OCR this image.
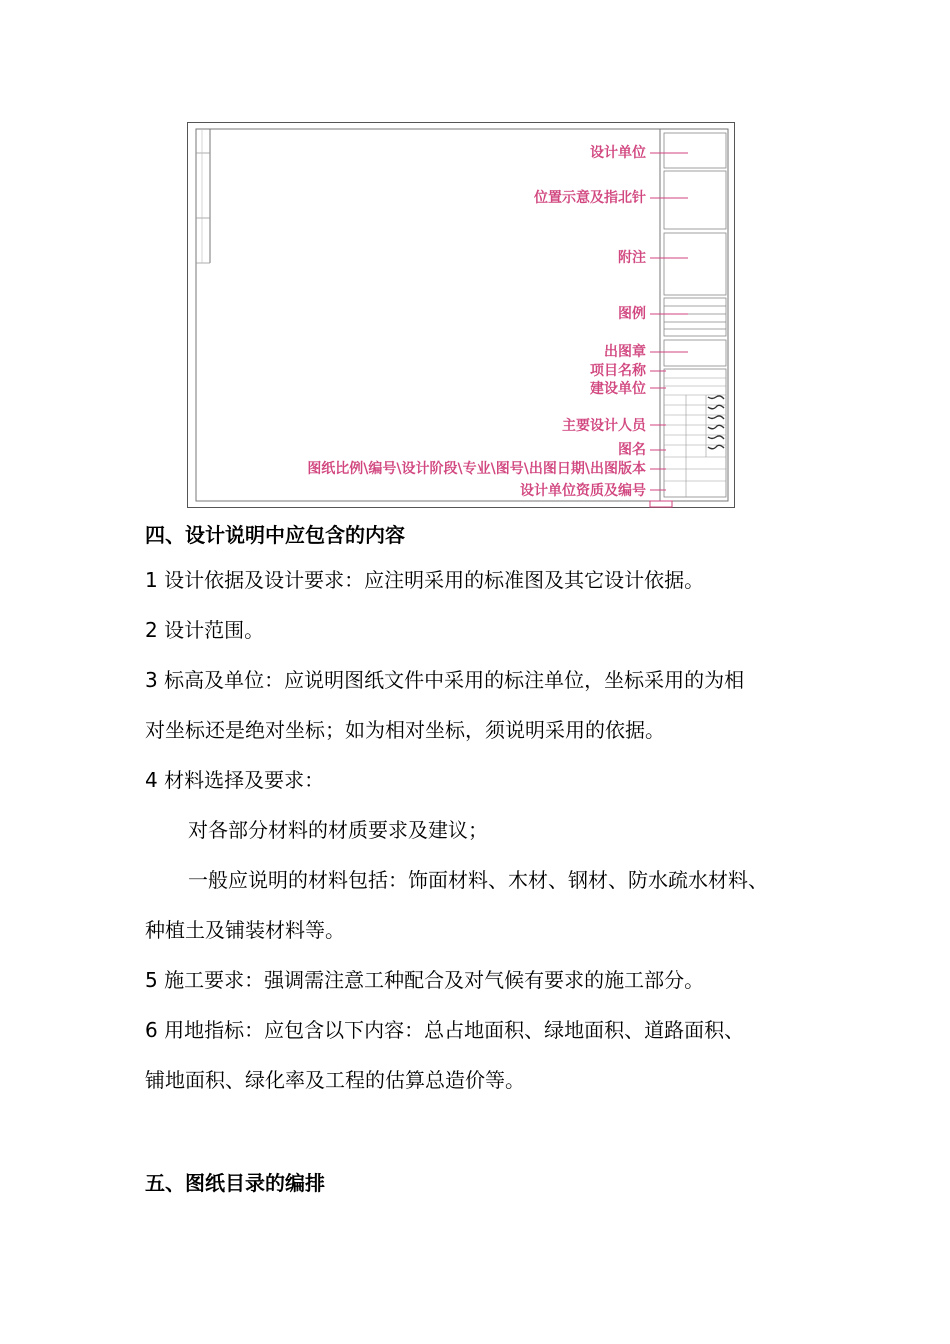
设计单位
位置示意及指北针
附注
图例
出图章
项目名称
建设单位
主要设计人员
图名
图纸比例\编号\设计阶段\专业\图号\出图日期\出图版本
设计单位资质及编号
四、设计说明中应包含的内容
1 设计依据及设计要求：应注明采用的标准图及其它设计依据。
2 设计范围。
3 标高及单位：应说明图纸文件中采用的标注单位，坐标采用的为相
对坐标还是绝对坐标；如为相对坐标，须说明采用的依据。
4 材料选择及要求：
对各部分材料的材质要求及建议；
一般应说明的材料包括：饰面材料、木材、钢材、防水疏水材料、
种植土及铺装材料等。
5 施工要求：强调需注意工种配合及对气候有要求的施工部分。
6 用地指标：应包含以下内容：总占地面积、绿地面积、道路面积、
铺地面积、绿化率及工程的估算总造价等。
五、图纸目录的编排
